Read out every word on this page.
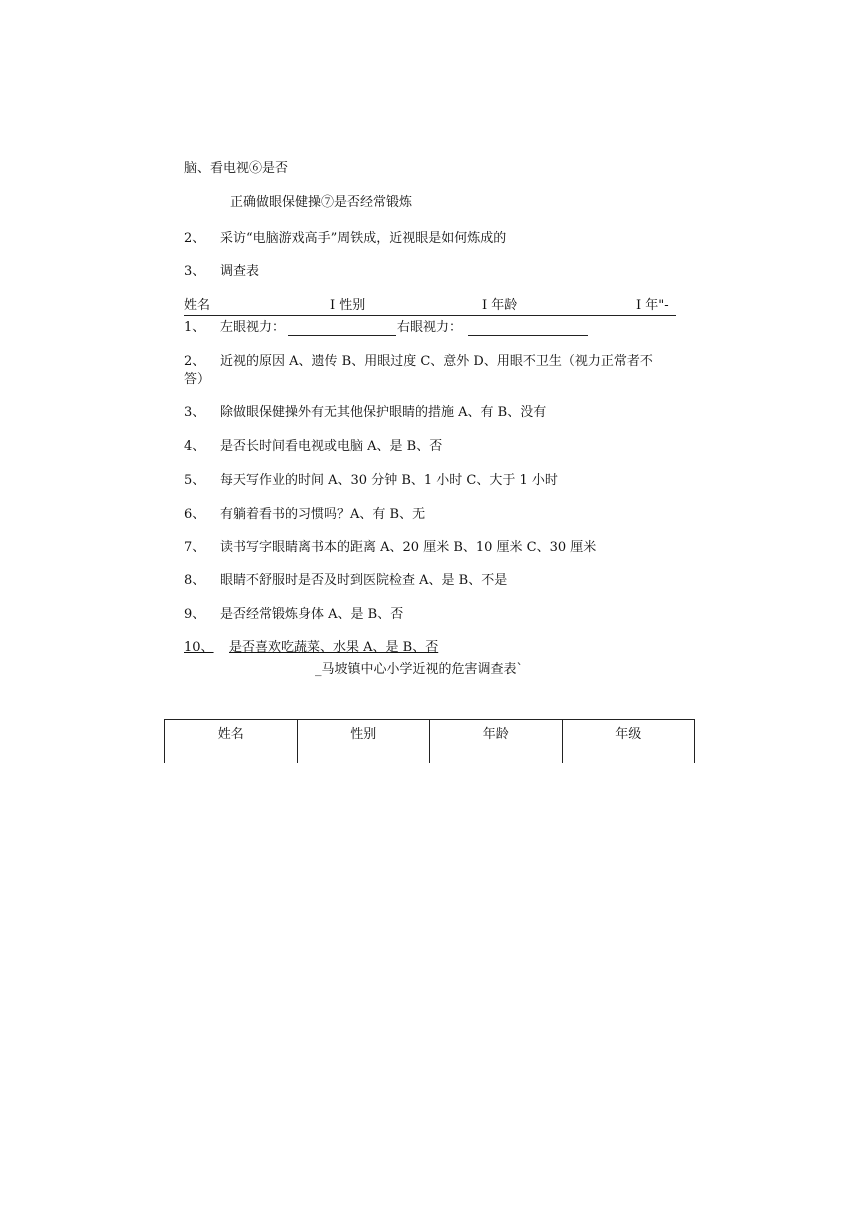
脑、看电视⑥是否
正确做眼保健操⑦是否经常锻炼
2、 采访“电脑游戏高手”周铁成，近视眼是如何炼成的
3、 调查表
姓名	I 性别	I 年龄	I 年"-
1、 左眼视力：	右眼视力：
2、 近视的原因 A、遗传 B、用眼过度 C、意外 D、用眼不卫生（视力正常者不
答）
3、 除做眼保健操外有无其他保护眼睛的措施 A、有 B、没有
4、 是否长时间看电视或电脑 A、是 B、否
5、 每天写作业的时间 A、30 分钟 B、1 小时 C、大于 1 小时
6、 有躺着看书的习惯吗？A、有 B、无
7、 读书写字眼睛离书本的距离 A、20 厘米 B、10 厘米 C、30 厘米
8、 眼睛不舒服时是否及时到医院检查 A、是 B、不是
9、 是否经常锻炼身体 A、是 B、否
10、 是否喜欢吃蔬菜、水果 A、是 B、否
_马坡镇中心小学近视的危害调查表`
姓名	性别	年龄	年级
